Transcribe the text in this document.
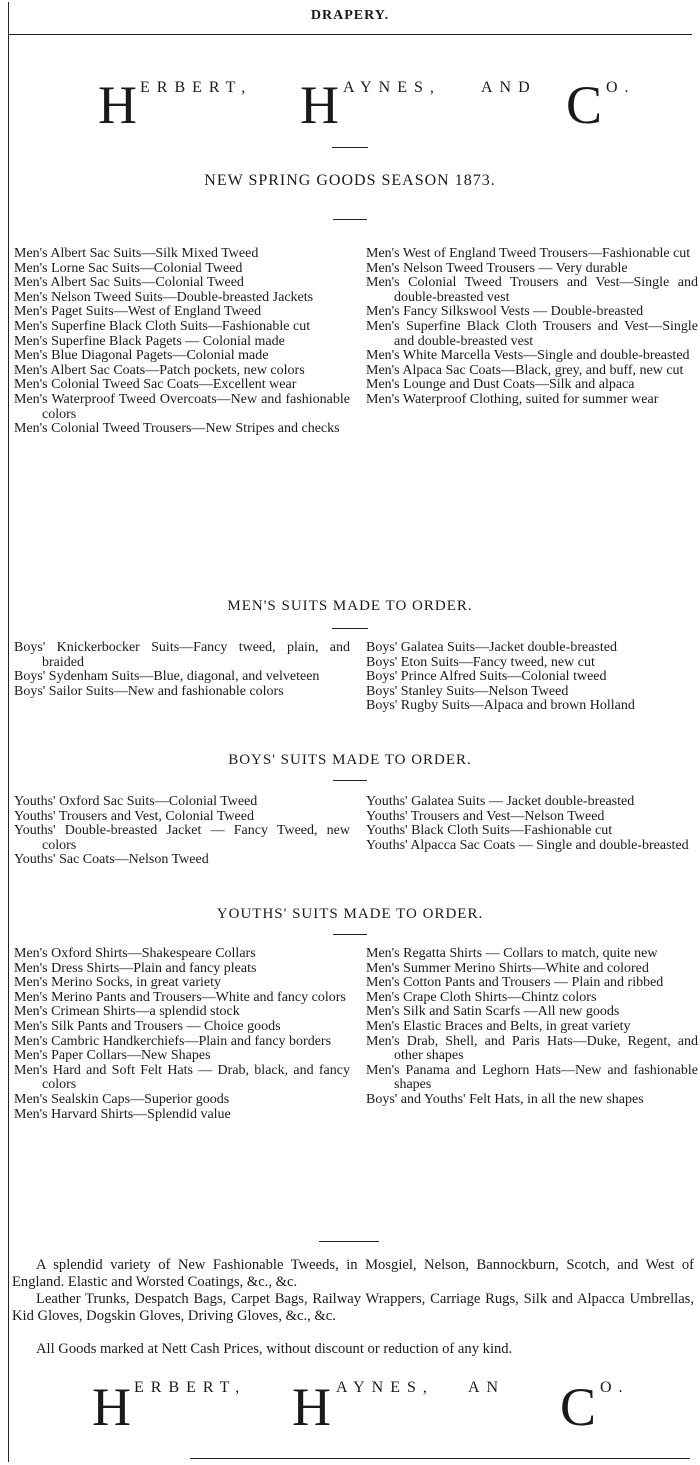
DRAPERY.
H ERBERT, H AYNES,	AND C O.
NEW SPRING GOODS SEASON 1873.

Men's Albert Sac Suits—Silk Mixed Tweed

Men's Lorne Sac Suits—Colonial Tweed

Men's Albert Sac Suits—Colonial Tweed

Men's Nelson Tweed Suits—Double-breasted Jackets

Men's Paget Suits—West of England Tweed

Men's Superfine Black Cloth Suits—Fashionable cut

Men's Superfine Black Pagets — Colonial made

Men's Blue Diagonal Pagets—Colonial made

Men's Albert Sac Coats—Patch pockets, new colors

Men's Colonial Tweed Sac Coats—Excellent wear

Men's Waterproof Tweed Overcoats—New and fashionable colors

Men's Colonial Tweed Trousers—New Stripes and checks

Men's West of England Tweed Trousers—Fashionable cut

Men's Nelson Tweed Trousers — Very durable

Men's Colonial Tweed Trousers and Vest—Single and double-breasted vest

Men's Fancy Silkswool Vests — Double-breasted

Men's Superfine Black Cloth Trousers and Vest—Single and double-breasted vest

Men's White Marcella Vests—Single and double-breasted

Men's Alpaca Sac Coats—Black, grey, and buff, new cut

Men's Lounge and Dust Coats—Silk and alpaca

Men's Waterproof Clothing, suited for summer wear

MEN'S SUITS MADE TO ORDER.

Boys' Knickerbocker Suits—Fancy tweed, plain, and braided

Boys' Sydenham Suits—Blue, diagonal, and velveteen

Boys' Sailor Suits—New and fashionable colors

Boys' Galatea Suits—Jacket double-breasted

Boys' Eton Suits—Fancy tweed, new cut

Boys' Prince Alfred Suits—Colonial tweed

Boys' Stanley Suits—Nelson Tweed

Boys' Rugby Suits—Alpaca and brown Holland

BOYS' SUITS MADE TO ORDER.

Youths' Oxford Sac Suits—Colonial Tweed

Youths' Trousers and Vest, Colonial Tweed

Youths' Double-breasted Jacket — Fancy Tweed, new colors

Youths' Sac Coats—Nelson Tweed

Youths' Galatea Suits — Jacket double-breasted

Youths' Trousers and Vest—Nelson Tweed

Youths' Black Cloth Suits—Fashionable cut

Youths' Alpacca Sac Coats — Single and double-breasted

YOUTHS' SUITS MADE TO ORDER.

Men's Oxford Shirts—Shakespeare Collars

Men's Dress Shirts—Plain and fancy pleats

Men's Merino Socks, in great variety

Men's Merino Pants and Trousers—White and fancy colors

Men's Crimean Shirts—a splendid stock

Men's Silk Pants and Trousers — Choice goods

Men's Cambric Handkerchiefs—Plain and fancy borders

Men's Paper Collars—New Shapes

Men's Hard and Soft Felt Hats — Drab, black, and fancy colors

Men's Sealskin Caps—Superior goods

Men's Harvard Shirts—Splendid value

Men's Regatta Shirts — Collars to match, quite new

Men's Summer Merino Shirts—White and colored

Men's Cotton Pants and Trousers — Plain and ribbed

Men's Crape Cloth Shirts—Chintz colors

Men's Silk and Satin Scarfs —All new goods

Men's Elastic Braces and Belts, in great variety

Men's Drab, Shell, and Paris Hats—Duke, Regent, and other shapes

Men's Panama and Leghorn Hats—New and fashionable shapes

Boys' and Youths' Felt Hats, in all the new shapes

A splendid variety of New Fashionable Tweeds, in Mosgiel, Nelson, Bannockburn, Scotch, and West of England. Elastic and Worsted Coatings, &c., &c.

Leather Trunks, Despatch Bags, Carpet Bags, Railway Wrappers, Carriage Rugs, Silk and Alpacca Umbrellas, Kid Gloves, Dogskin Gloves, Driving Gloves, &c., &c.

All Goods marked at Nett Cash Prices, without discount or reduction of any kind.

H ERBERT, H AYNES, AN C O.
